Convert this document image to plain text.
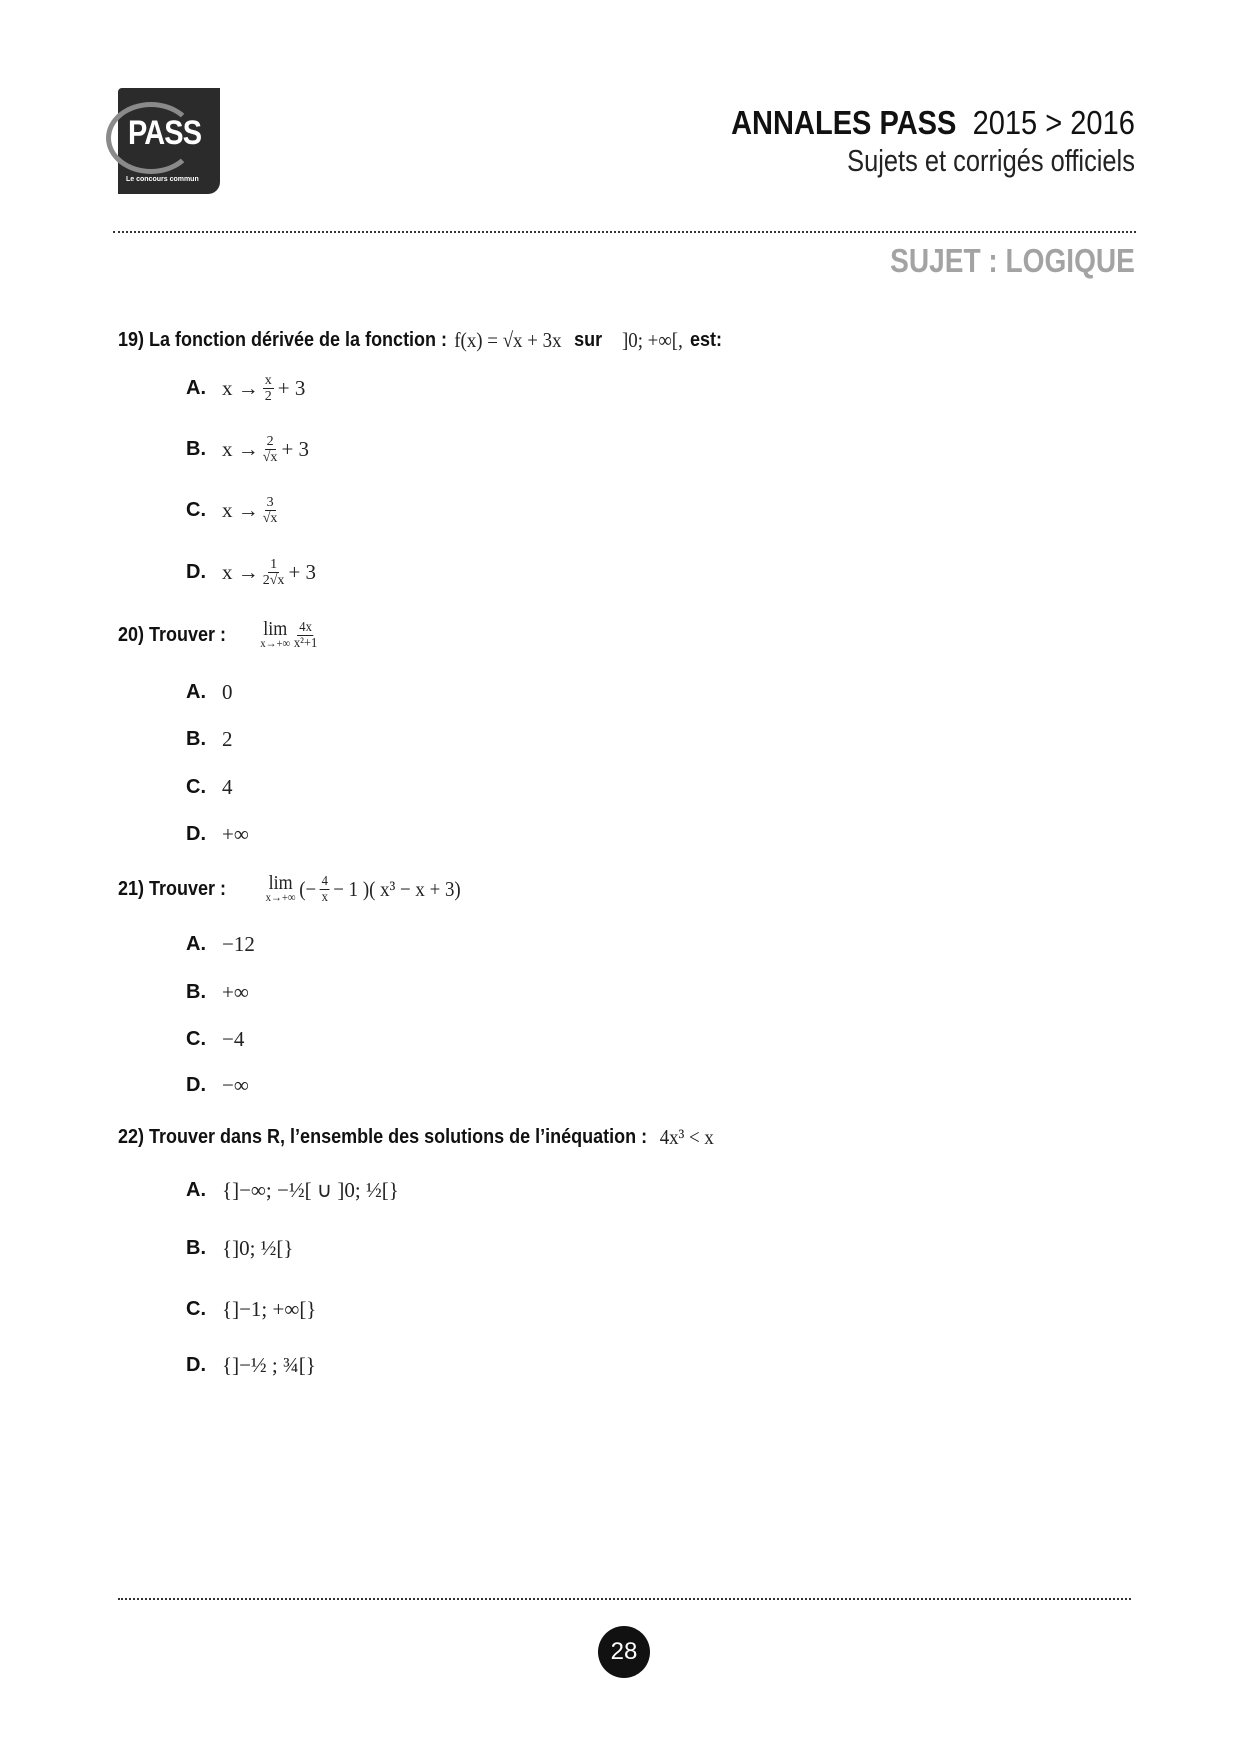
PASS
Le concours commun
ANNALES PASS 2015 > 2016
Sujets et corrigés officiels
SUJET : LOGIQUE
19) La fonction dérivée de la fonction : f(x) = √x + 3x sur ]0; +∞[, est:
A. $x \to \frac{x}{2} + 3$
B. $x \to \frac{2}{√x} + 3$
C. $x \to \frac{3}{√x}$
D. $x \to \frac{1}{2√x} + 3$
20) Trouver : lim
$x\to+\infty \frac{4x}{\text{x²+1}}$
A. 0
B. 2
C. 4
D. +∞
21) Trouver : lim
x→+∞ (− $\frac{4}{x} - 1$ )( x³ − x + 3)
A. −12
B. +∞
C. −4
D. −∞
22) Trouver dans R, l’ensemble des solutions de l’inéquation : 4x³ < x
A. {]−∞; −½[ ∪ ]0; ½[}
B. {]0; ½[}
C. {]−1; +∞[}
D. {]−½ ; ¾[}
28
